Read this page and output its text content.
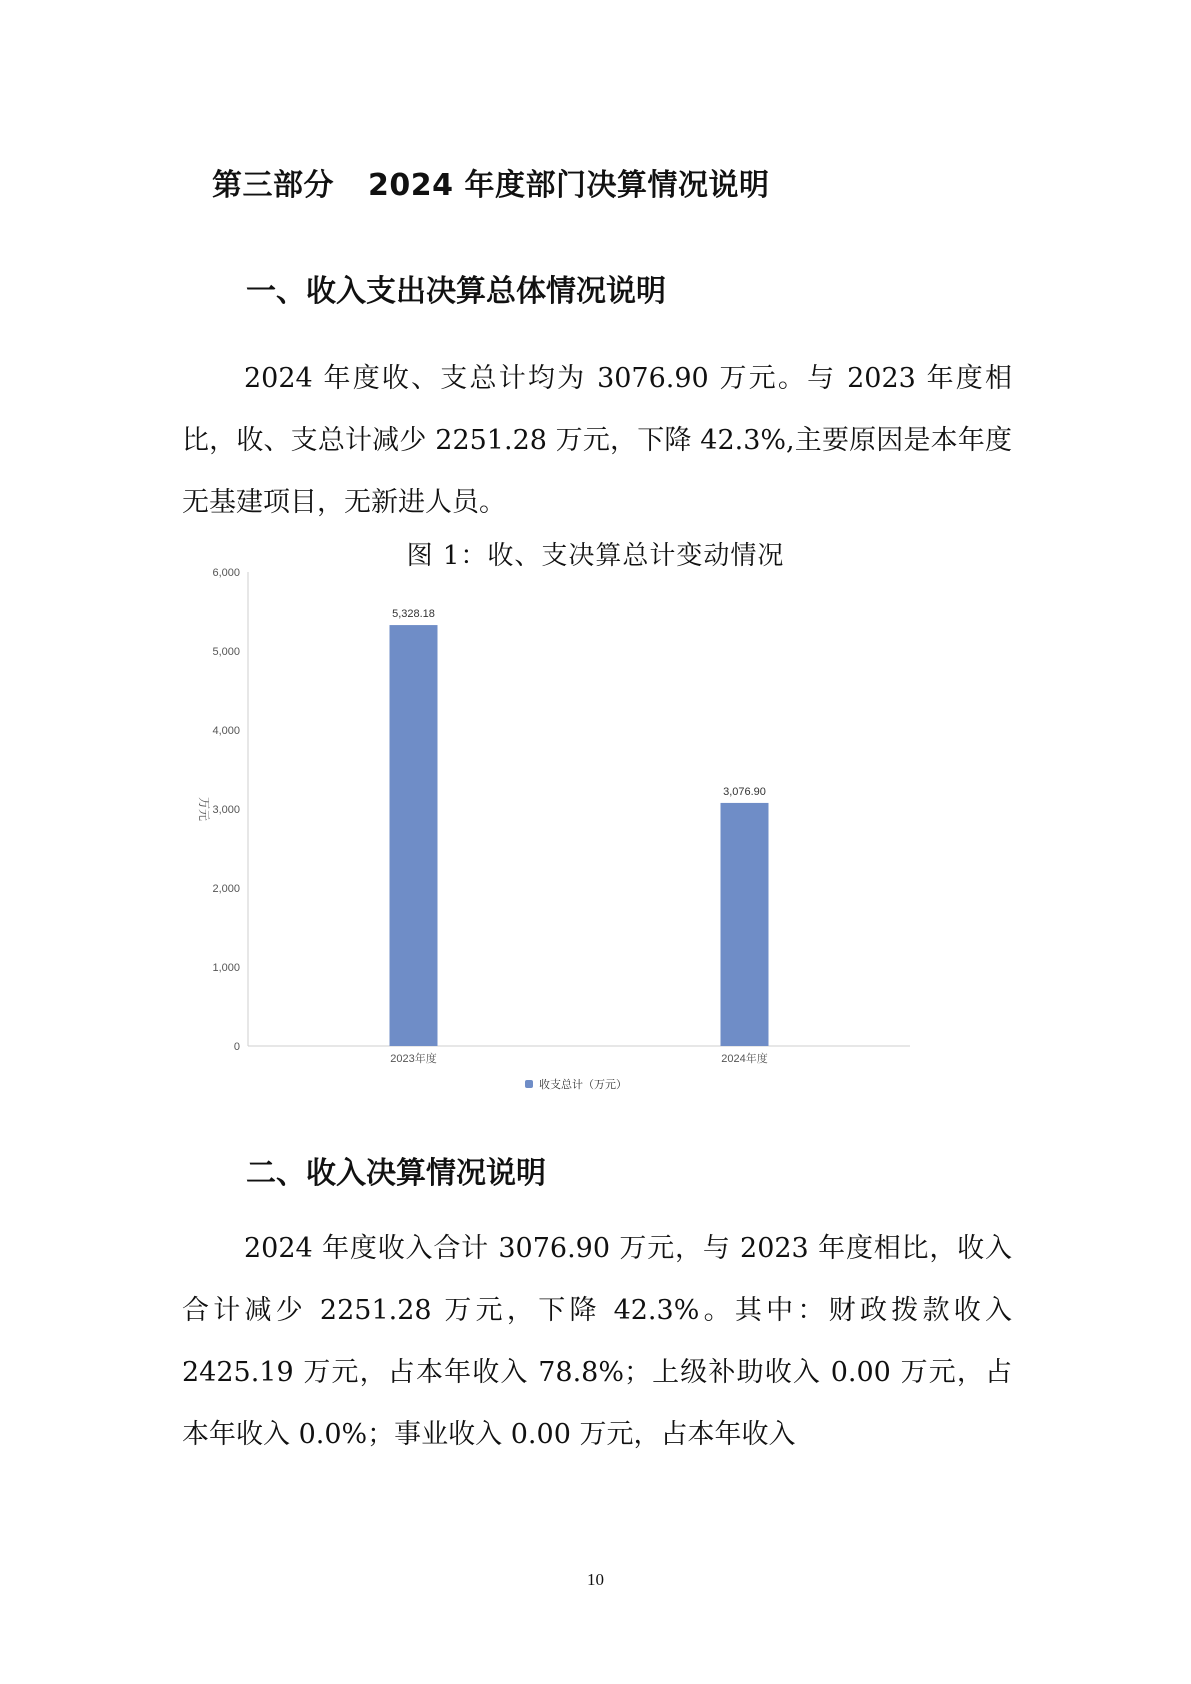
第三部分 2024 年度部门决算情况说明
一、收入支出决算总体情况说明
2024 年度收、支总计均为 3076.90 万元。与 2023 年度相比，收、支总计减少 2251.28 万元，下降 42.3%,主要原因是本年度无基建项目，无新进人员。
图 1：收、支决算总计变动情况
0
1,000
2,000
3,000
4,000
5,000
6,000
5,328.18
3,076.90
2023年度	2024年度
万元
收支总计（万元）
二、收入决算情况说明
2024 年度收入合计 3076.90 万元，与 2023 年度相比，收入合计减少 2251.28 万元，下降 42.3%。其中：财政拨款收入 2425.19 万元，占本年收入 78.8%；上级补助收入 0.00 万元，占本年收入 0.0%；事业收入 0.00 万元，占本年收入
10
